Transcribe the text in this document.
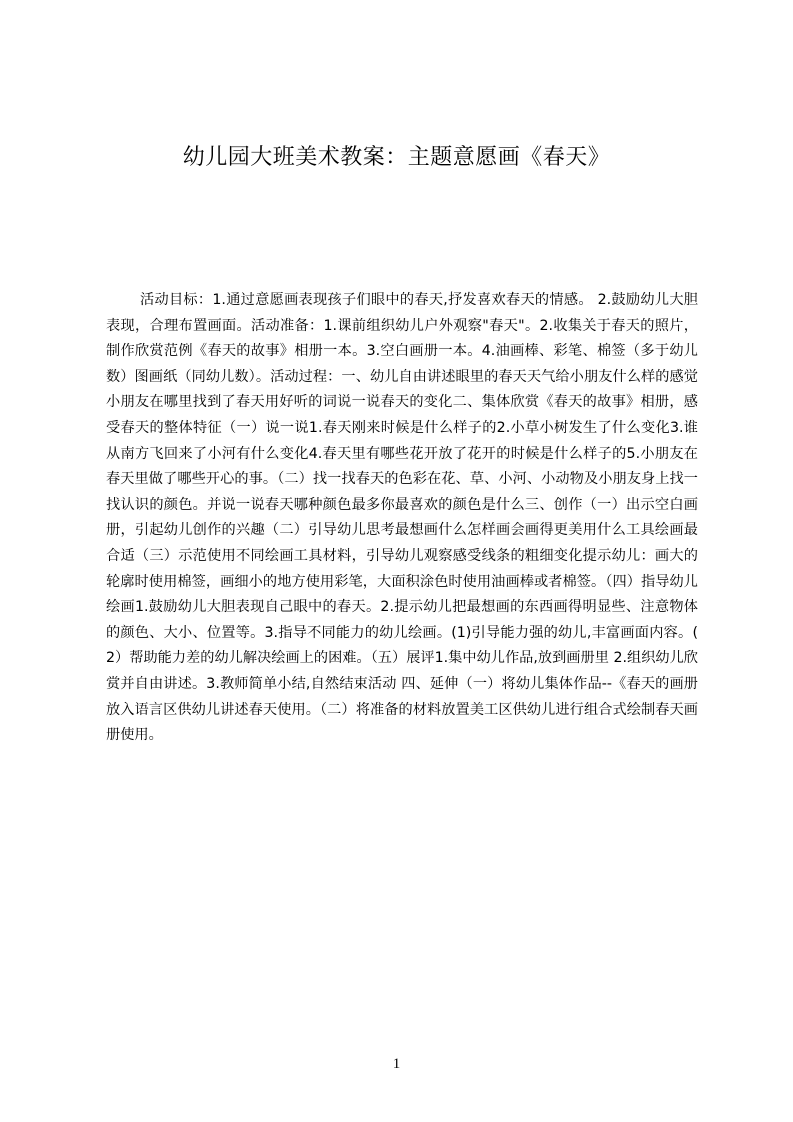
幼儿园大班美术教案：主题意愿画《春天》

活动目标：1.通过意愿画表现孩子们眼中的春天,抒发喜欢春天的情感。 2.鼓励幼儿大胆表现，合理布置画面。活动准备：1.课前组织幼儿户外观察"春天"。2.收集关于春天的照片，制作欣赏范例《春天的故事》相册一本。3.空白画册一本。4.油画棒、彩笔、棉签（多于幼儿数）图画纸（同幼儿数）。活动过程：一、幼儿自由讲述眼里的春天天气给小朋友什么样的感觉小朋友在哪里找到了春天用好听的词说一说春天的变化二、集体欣赏《春天的故事》相册，感受春天的整体特征（一）说一说1.春天刚来时候是什么样子的2.小草小树发生了什么变化3.谁从南方飞回来了小河有什么变化4.春天里有哪些花开放了花开的时候是什么样子的5.小朋友在春天里做了哪些开心的事。（二）找一找春天的色彩在花、草、小河、小动物及小朋友身上找一找认识的颜色。并说一说春天哪种颜色最多你最喜欢的颜色是什么三、创作（一）出示空白画册，引起幼儿创作的兴趣（二）引导幼儿思考最想画什么怎样画会画得更美用什么工具绘画最合适（三）示范使用不同绘画工具材料，引导幼儿观察感受线条的粗细变化提示幼儿：画大的轮廓时使用棉签，画细小的地方使用彩笔，大面积涂色时使用油画棒或者棉签。（四）指导幼儿绘画1.鼓励幼儿大胆表现自己眼中的春天。2.提示幼儿把最想画的东西画得明显些、注意物体的颜色、大小、位置等。3.指导不同能力的幼儿绘画。(1)引导能力强的幼儿,丰富画面内容。( 2）帮助能力差的幼儿解决绘画上的困难。（五）展评1.集中幼儿作品,放到画册里 2.组织幼儿欣赏并自由讲述。3.教师简单小结,自然结束活动 四、延伸（一）将幼儿集体作品--《春天的画册放入语言区供幼儿讲述春天使用。（二）将准备的材料放置美工区供幼儿进行组合式绘制春天画册使用。

1
